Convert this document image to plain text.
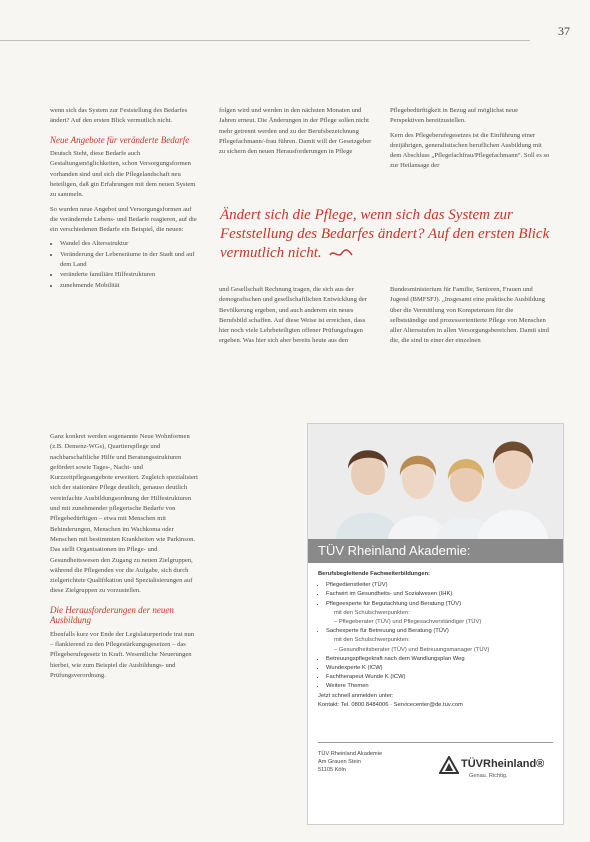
37

wenn sich das System zur Feststellung des Bedarfes ändert? Auf den ersten Blick vermutlich nicht.

Neue Angebote für veränderte Bedarfe

Deutsch Steht, diese Bedarfe auch Gestaltungsmöglichkeiten, schon Versorgungsformen vorhanden sind und sich die Pflegelandschaft neu beteiligen, daß gin Erfahrungen mit dem neuen System zu sammeln.

So wurden neue Angebot und Versorgungsformen auf die verändernde Lebens- und Bedarfe reagieren, auf die ein verschiedenen Bedarfe ein Beispiel, die neuen:

• Wandel des Altersstruktur
• Veränderung der Lebensräume in der Stadt und auf dem Land
• veränderte familiäre Hilfestrukturen
• zunehmende Mobilität

Ganz konkret werden sogenannte Neue Wohnformen (z.B. Demenz-WGs), Quartierspflege und nachbarschaftliche Hilfe und Beratungsstrukturen gefördert sowie Tages-, Nacht- und Kurzzeitpflegeangebote erweitert. Zugleich spezialisiert sich der stationäre Pflege deutlich, genauso deutlich vereinfachte Ausbildungsordnung der Hilfestrukturen und mit zunehmender pflegerische Bedarfe von Pflegebedürftigen – etwa mit Menschen mit Behinderungen, Menschen im Wachkoma oder Menschen mit bestimmten Krankheiten wie Parkinson. Das stellt Organisationen im Pflege- und Gesundheitswesen den Zugang zu neuen Zielgruppen, während die Pflegenden vor die Aufgabe, sich durch zielgerichtete Qualifikation und Spezialisierungen auf diese Zielgruppen zu vorzustellen.

Die Herausforderungen der neuen Ausbildung

Ebenfalls kurz vor Ende der Legislaturperiode trat nun – flankierend zu den Pflegestärkungsgesetzen – das Pflegeberufegesetz in Kraft. Wesentliche Neuerungen hierbei, wie zum Beispiel die Ausbildungs- und Prüfungsverordnung.

folgen wird und werden in den nächsten Monaten und Jahren erneut. Die Änderungen in der Pflege sollen nicht mehr getrennt werden und zu der Berufsbezeichnung Pflegefachmann/-frau führen. Damit will der Gesetzgeber zu sichern den neuen Herausforderungen in Pflege

Pflegebedürftigkeit in Bezug auf möglichst neue Perspektiven bereitzustellen.

Kern des Pflegeberufegesetzes ist die Einführung einer dreijährigen, generalistischen beruflichen Ausbildung mit dem Abschluss „Pflegefachfrau/Pflegefachmann“. Soll es so zur Heilansage der

Ändert sich die Pflege, wenn sich das System zur Feststellung des Bedarfes ändert? Auf den ersten Blick vermutlich nicht.

und Gesellschaft Rechnung tragen, die sich aus der demografischen und gesellschaftlichen Entwicklung der Bevölkerung ergeben, und auch anderem ein neues Berufsbild schaffen. Auf diese Weise ist erreichen, dass hier noch viele Lehrbeteiligten offener Prüfungsfragen ergeben. Was hier sich aber bereits heute aus den

Bundesministerium für Familie, Senioren, Frauen und Jugend (BMFSFJ). „Insgesamt eine praktische Ausbildung über die Vermittlung von Kompetenzen für die selbstständige und prozessorientierte Pflege von Menschen aller Altersstufen in allen Versorgungsbereichen. Damit sind die, die sind in einer der einzelnen

TÜV Rheinland Akademie:
Berufsbegleitende Fachweiterbildungen:
• Pflegedienstleiter (TÜV)
• Fachwirt im Gesundheits- und Sozialwesen (IHK)
• Pflegeexperte für Begutachtung und Beratung (TÜV)
mit den Schulschwerpunkten:
– Pflegeberater (TÜV) und Pflegesachverständiger (TÜV)
• Sachexperte für Betreuung und Beratung (TÜV)
mit den Schulschwerpunkten:
– Gesundheitsberater (TÜV) und Betreuungsmanager (TÜV)
• Betreuungspflegekraft nach dem Wandlungsplan Weg
• Wundexperte K (ICW)
• Fachtherapeut Wunde K (ICW)
• Weitere Themen
Jetzt schnell anmelden unter:
Kontakt: Tel. 0800 8484006 · Servicecenter@de.tuv.com
TÜV Rheinland Akademie
Am Grauen Stein
51105 Köln	TÜVRheinland®
Genau. Richtig.
